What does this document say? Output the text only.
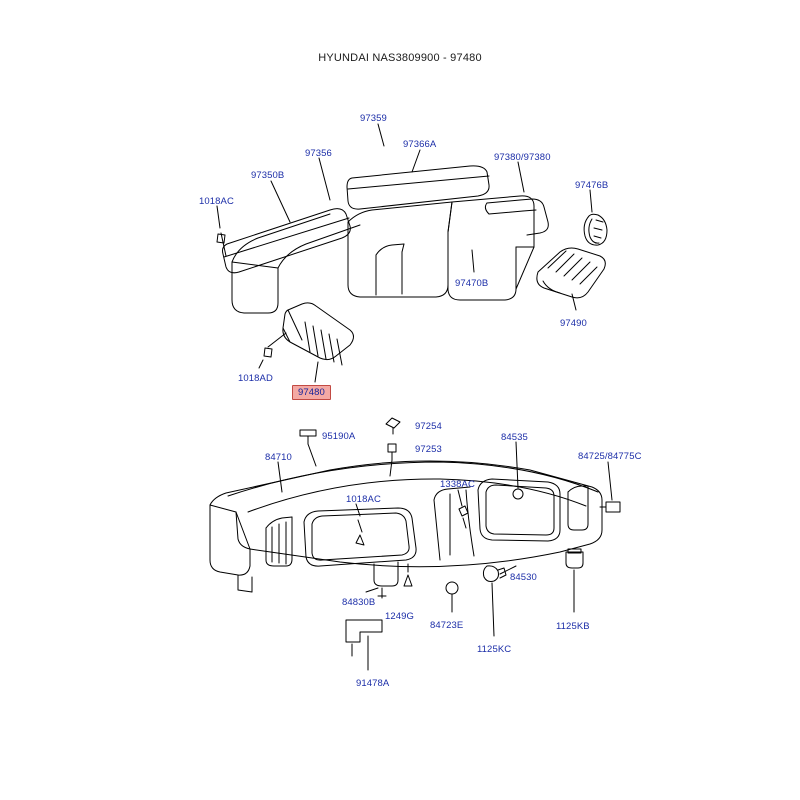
HYUNDAI NAS3809900 - 97480
97359
97356
97366A
97380/97380
97350B
97476B
1018AC
97470B
97490
1018AD
97480
97254
95190A	84535
97253
84725/84775C
84710
1338AC
1018AC
84530
84830B
1249G
1125KB
84723E
1125KC
91478A
